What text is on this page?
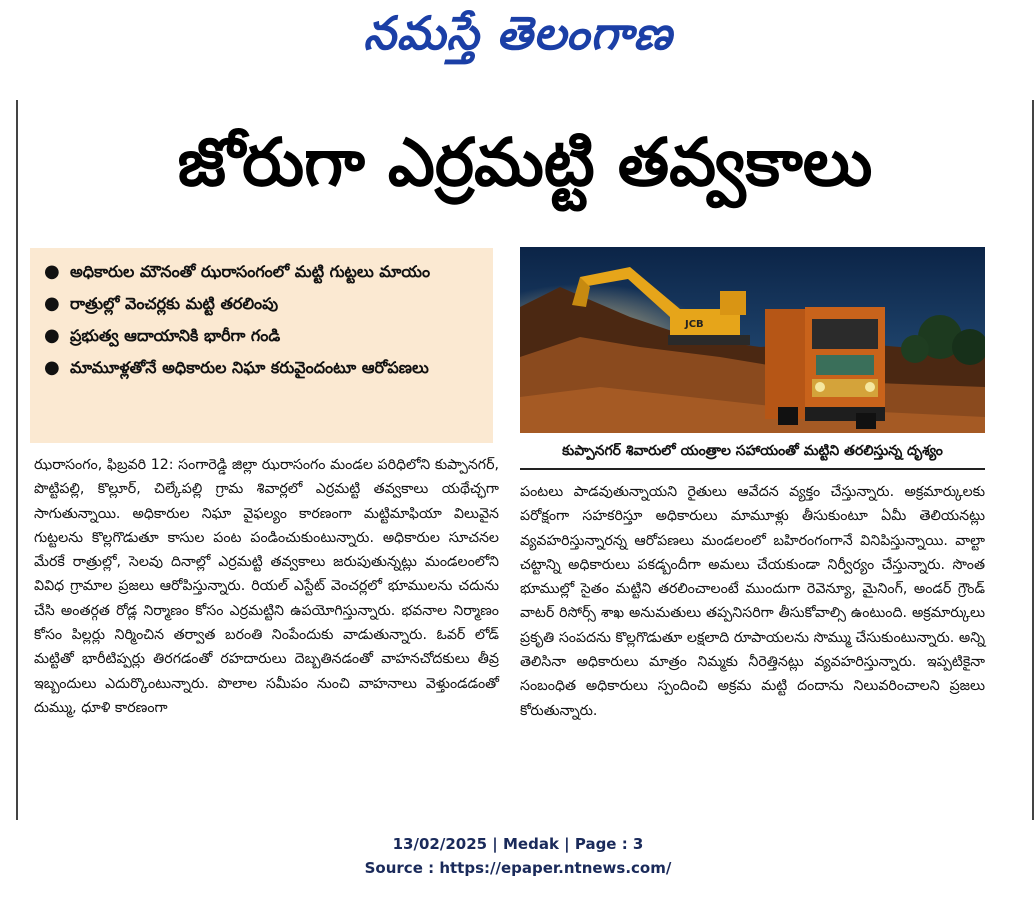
నమస్తే తెలంగాణ
జోరుగా ఎర్రమట్టి తవ్వకాలు
● అధికారుల మౌనంతో ఝరాసంగంలో మట్టి గుట్టలు మాయం
● రాత్రుల్లో వెంచర్లకు మట్టి తరలింపు
● ప్రభుత్వ ఆదాయానికి భారీగా గండి
● మామూళ్లతోనే అధికారుల నిఘా కరువైందంటూ ఆరోపణలు
JCB
కుప్పానగర్ శివారులో యంత్రాల సహాయంతో మట్టిని తరలిస్తున్న దృశ్యం

ఝరాసంగం, ఫిబ్రవరి 12: సంగారెడ్డి జిల్లా ఝరాసంగం మండల పరిధిలోని కుప్పానగర్, పొట్టిపల్లి, కొల్లూర్, చిల్కేపల్లి గ్రామ శివార్లలో ఎర్రమట్టి తవ్వకాలు యథేచ్ఛగా సాగుతున్నాయి. అధికారుల నిఘా వైఫల్యం కారణంగా మట్టిమాఫియా విలువైన గుట్టలను కొల్లగొడుతూ కాసుల పంట పండించుకుంటున్నారు. అధికారుల సూచనల మేరకే రాత్రుల్లో, సెలవు దినాల్లో ఎర్రమట్టి తవ్వకాలు జరుపుతున్నట్లు మండలంలోని వివిధ గ్రామాల ప్రజలు ఆరోపిస్తున్నారు. రియల్ ఎస్టేట్ వెంచర్లలో భూములను చదును చేసి అంతర్గత రోడ్ల నిర్మాణం కోసం ఎర్రమట్టిని ఉపయోగిస్తున్నారు. భవనాల నిర్మాణం కోసం పిల్లర్లు నిర్మించిన తర్వాత బరంతి నింపేందుకు వాడుతున్నారు. ఓవర్ లోడ్ మట్టితో భారీటిప్పర్లు తిరగడంతో రహదారులు దెబ్బతినడంతో వాహనచోదకులు తీవ్ర ఇబ్బందులు ఎదుర్కొంటున్నారు. పొలాల సమీపం నుంచి వాహనాలు వెళ్తుండడంతో దుమ్ము, ధూళి కారణంగా

పంటలు పాడవుతున్నాయని రైతులు ఆవేదన వ్యక్తం చేస్తున్నారు. అక్రమార్కులకు పరోక్షంగా సహకరిస్తూ అధికారులు మామూళ్లు తీసుకుంటూ ఏమీ తెలియనట్లు వ్యవహరిస్తున్నారన్న ఆరోపణలు మండలంలో బహిరంగంగానే వినిపిస్తున్నాయి. వాల్టా చట్టాన్ని అధికారులు పకడ్బందీగా అమలు చేయకుండా నిర్వీర్యం చేస్తున్నారు. సొంత భూముల్లో సైతం మట్టిని తరలించాలంటే ముందుగా రెవెన్యూ, మైనింగ్, అండర్ గ్రౌండ్ వాటర్ రిసోర్స్ శాఖ అనుమతులు తప్పనిసరిగా తీసుకోవాల్సి ఉంటుంది. అక్రమార్కులు ప్రకృతి సంపదను కొల్లగొడుతూ లక్షలాది రూపాయలను సొమ్ము చేసుకుంటున్నారు. అన్ని తెలిసినా అధికారులు మాత్రం నిమ్మకు నీరెత్తినట్లు వ్యవహరిస్తున్నారు. ఇప్పటికైనా సంబంధిత అధికారులు స్పందించి అక్రమ మట్టి దందాను నిలువరించాలని ప్రజలు కోరుతున్నారు.

13/02/2025 | Medak | Page : 3
Source : https://epaper.ntnews.com/
